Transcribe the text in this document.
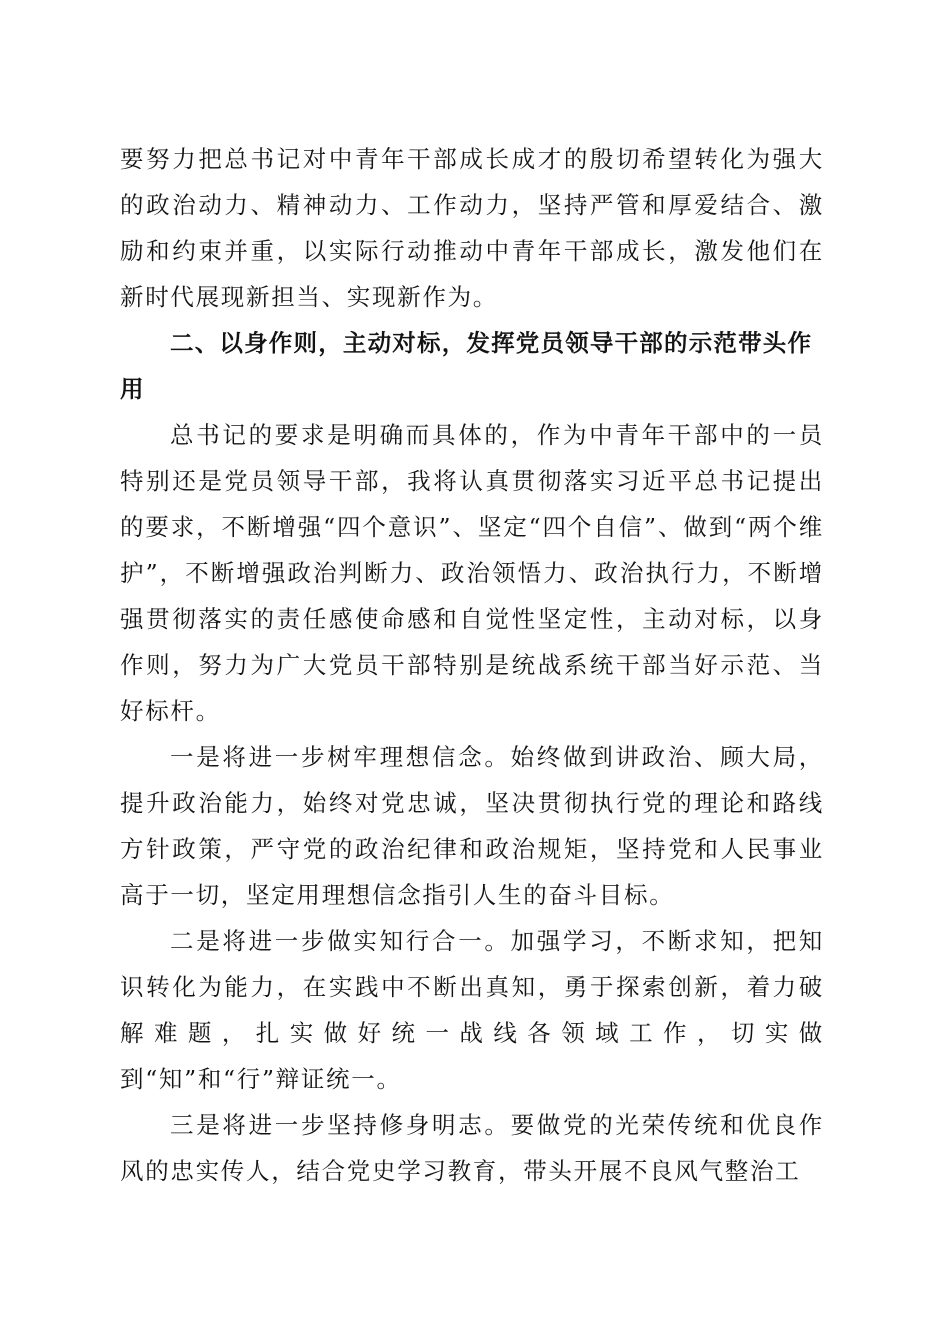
要努力把总书记对中青年干部成长成才的殷切希望转化为强大的政治动力、精神动力、工作动力，坚持严管和厚爱结合、激励和约束并重，以实际行动推动中青年干部成长，激发他们在新时代展现新担当、实现新作为。

二、以身作则，主动对标，发挥党员领导干部的示范带头作用

总书记的要求是明确而具体的，作为中青年干部中的一员特别还是党员领导干部，我将认真贯彻落实习近平总书记提出的要求，不断增强“四个意识”、坚定“四个自信”、做到“两个维护”，不断增强政治判断力、政治领悟力、政治执行力，不断增强贯彻落实的责任感使命感和自觉性坚定性，主动对标，以身作则，努力为广大党员干部特别是统战系统干部当好示范、当好标杆。

一是将进一步树牢理想信念。始终做到讲政治、顾大局，提升政治能力，始终对党忠诚，坚决贯彻执行党的理论和路线方针政策，严守党的政治纪律和政治规矩，坚持党和人民事业高于一切，坚定用理想信念指引人生的奋斗目标。

二是将进一步做实知行合一。加强学习，不断求知，把知识转化为能力，在实践中不断出真知，勇于探索创新，着力破解难题，扎实做好统一战线各领域工作，切实做到“知”和“行”辩证统一。

三是将进一步坚持修身明志。要做党的光荣传统和优良作风的忠实传人，结合党史学习教育，带头开展不良风气整治工
